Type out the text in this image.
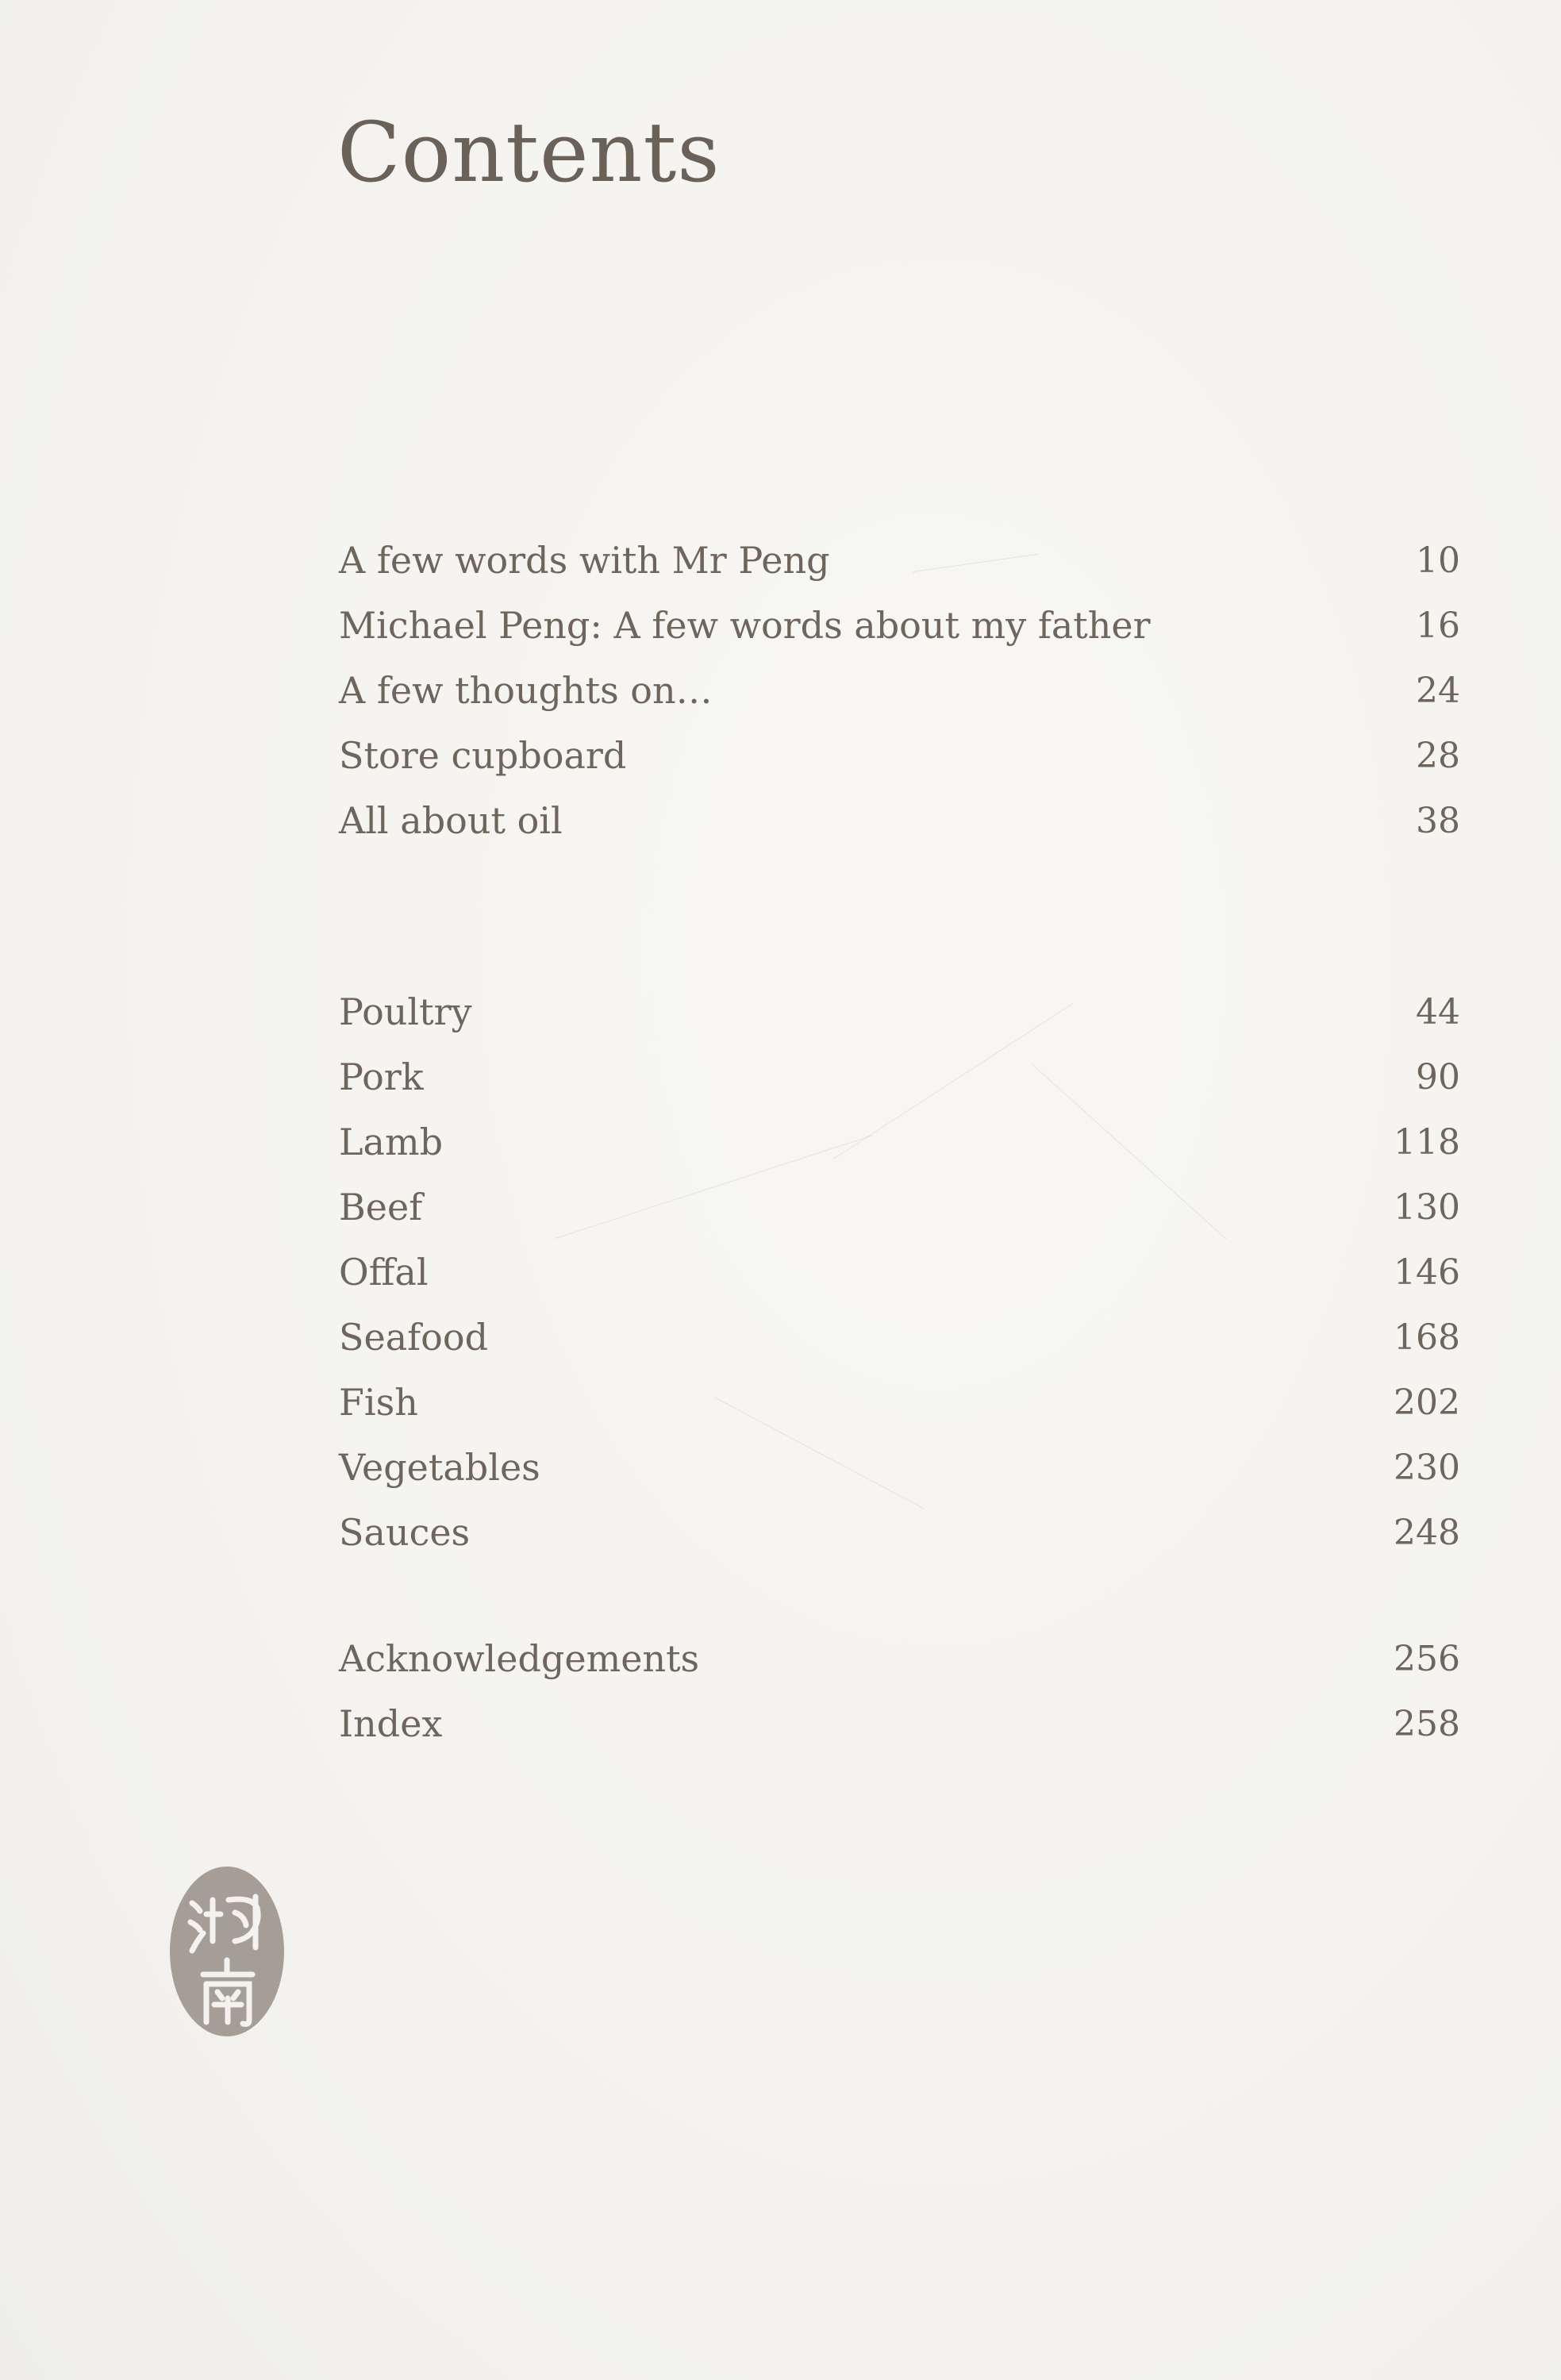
Contents
A few words with Mr Peng	10
Michael Peng: A few words about my father	16
A few thoughts on…	24
Store cupboard	28
All about oil	38
Poultry	44
Pork	90
Lamb	118
Beef	130
Offal	146
Seafood	168
Fish	202
Vegetables	230
Sauces	248
Acknowledgements	256
Index	258
